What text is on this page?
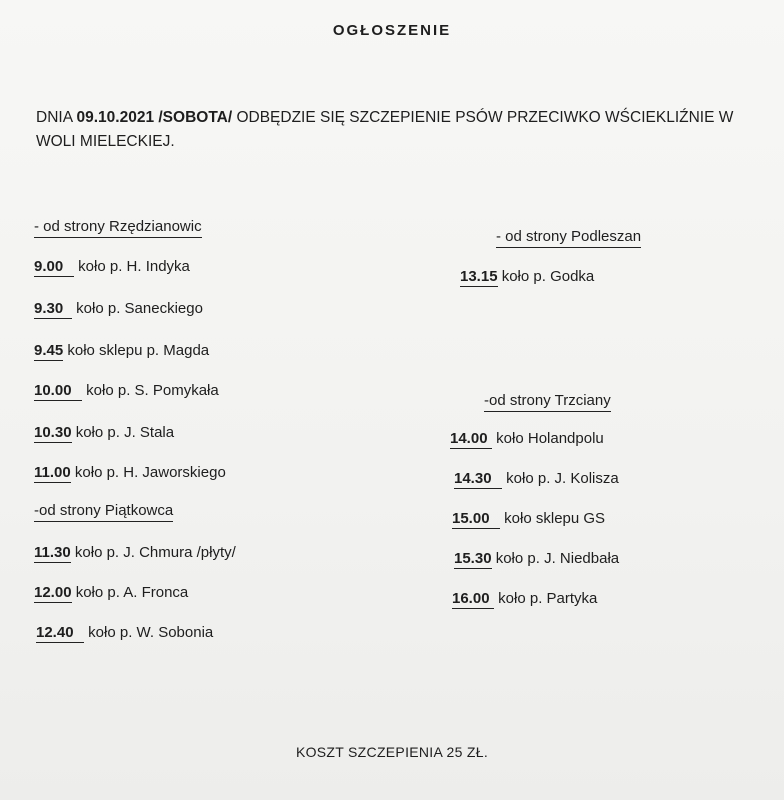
OGŁOSZENIE
DNIA 09.10.2021 /SOBOTA/ ODBĘDZIE SIĘ SZCZEPIENIE PSÓW PRZECIWKO WŚCIEKLIŹNIE W
WOLI MIELECKIEJ.
- od strony Rzędzianowic
9.00 koło p. H. Indyka
9.30 koło p. Saneckiego
9.45 koło sklepu p. Magda
10.00 koło p. S. Pomykała
10.30 koło p. J. Stala
11.00 koło p. H. Jaworskiego
-od strony Piątkowca
11.30 koło p. J. Chmura /płyty/
12.00 koło p. A. Fronca
12.40 koło p. W. Sobonia
- od strony Podleszan
13.15 koło p. Godka
-od strony Trzciany
14.00 koło Holandpolu
14.30 koło p. J. Kolisza
15.00 koło sklepu GS
15.30 koło p. J. Niedbała
16.00 koło p. Partyka
KOSZT SZCZEPIENIA 25 ZŁ.
